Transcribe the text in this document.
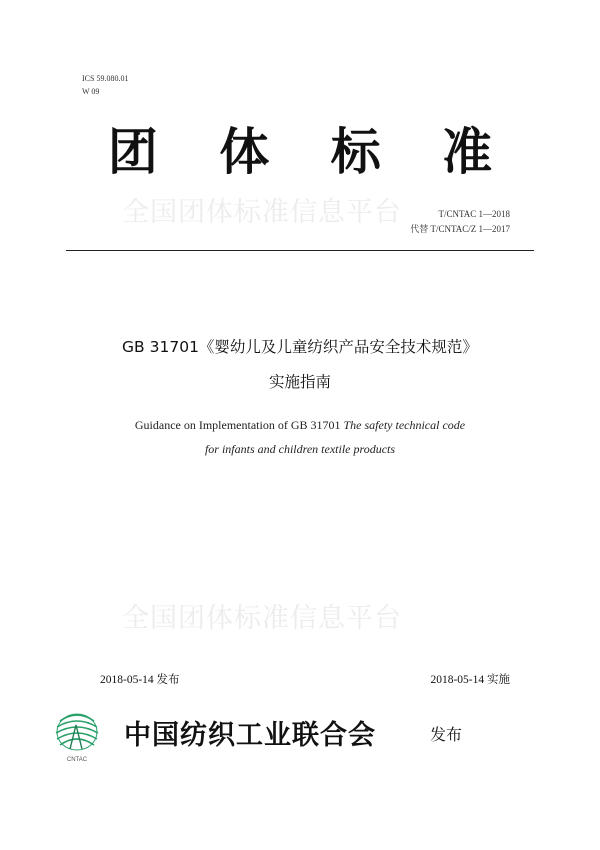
ICS 59.080.01
W 09
团 体 标 准
全国团体标准信息平台	T/CNTAC 1—2018
代替 T/CNTAC/Z 1—2017
GB 31701《婴幼儿及儿童纺织产品安全技术规范》
实施指南
Guidance on Implementation of GB 31701 The safety technical code
for infants and children textile products
全国团体标准信息平台
2018-05-14 发布	2018-05-14 实施
CNTAC
中国纺织工业联合会	发布
